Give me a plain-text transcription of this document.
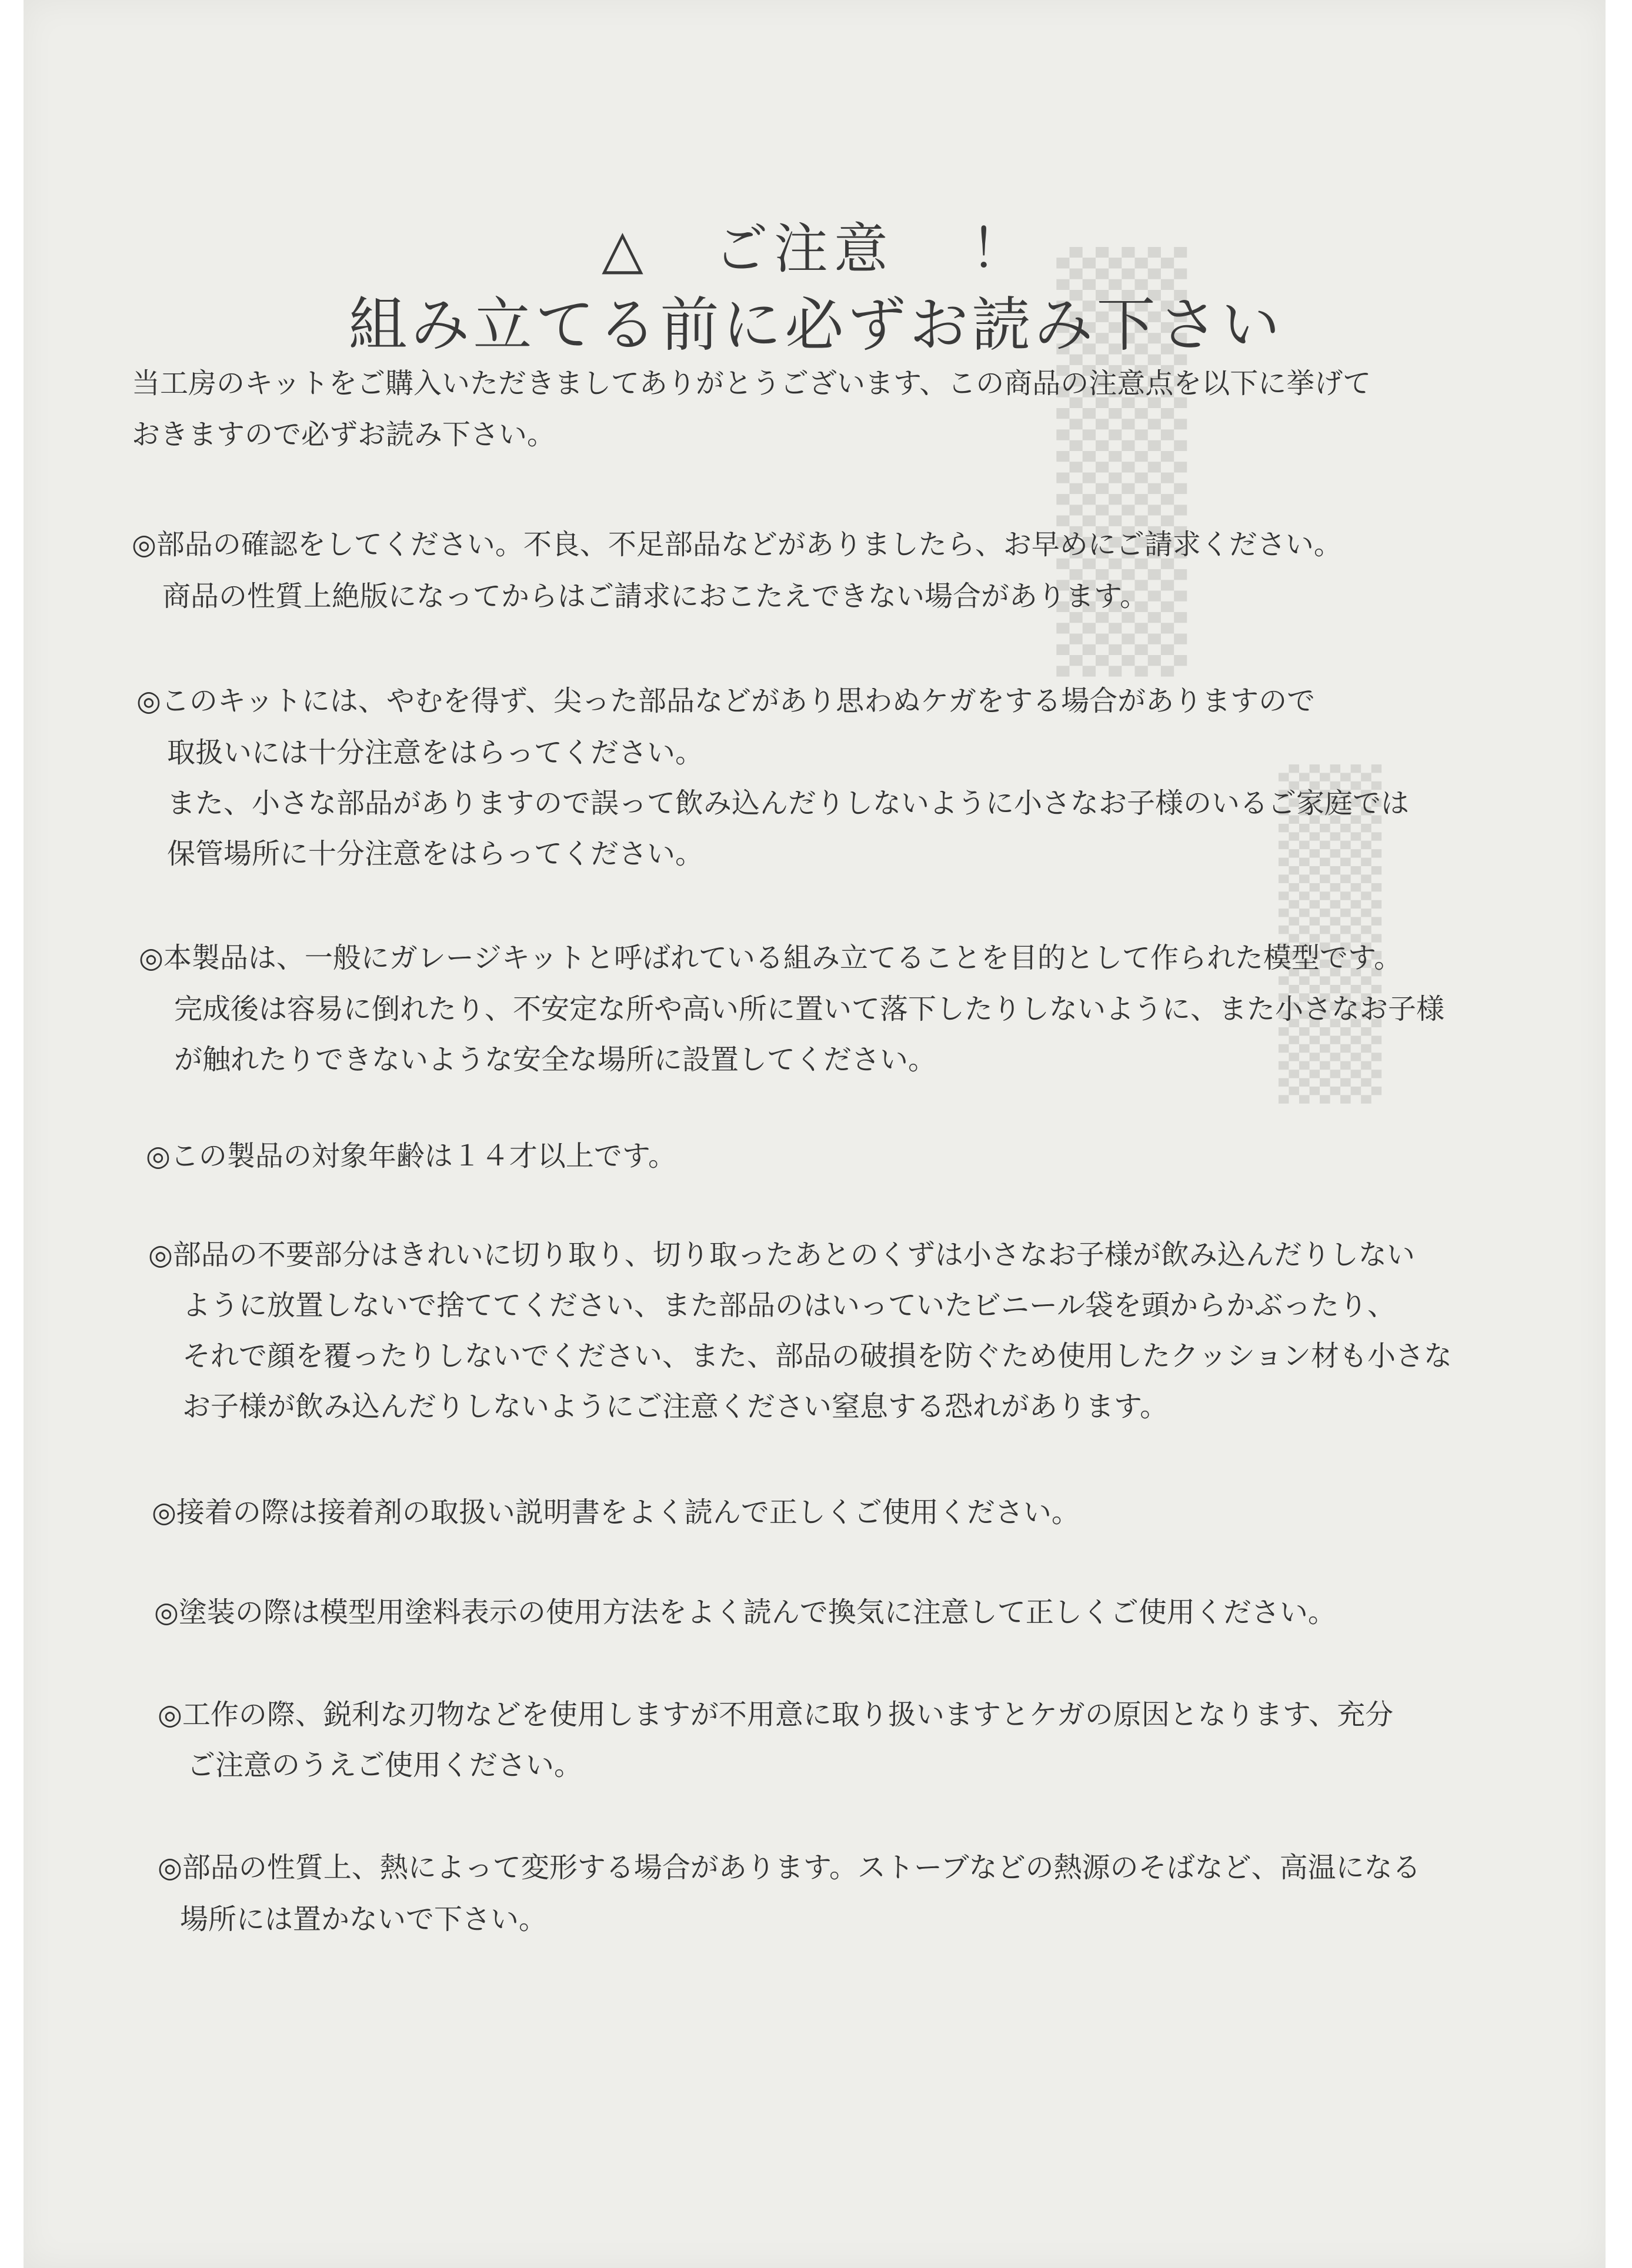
▒▒▒▒▒
▒▒▒▒▒
△ ご注意 ！
組み立てる前に必ずお読み下さい

当工房のキットをご購入いただきましてありがとうございます、この商品の注意点を以下に挙げて

おきますので必ずお読み下さい。

◎部品の確認をしてください。不良、不足部品などがありましたら、お早めにご請求ください。

商品の性質上絶版になってからはご請求におこたえできない場合があります。

◎このキットには、やむを得ず、尖った部品などがあり思わぬケガをする場合がありますので

取扱いには十分注意をはらってください。

また、小さな部品がありますので誤って飲み込んだりしないように小さなお子様のいるご家庭では

保管場所に十分注意をはらってください。

◎本製品は、一般にガレージキットと呼ばれている組み立てることを目的として作られた模型です。

完成後は容易に倒れたり、不安定な所や高い所に置いて落下したりしないように、また小さなお子様

が触れたりできないような安全な場所に設置してください。

◎この製品の対象年齢は１４才以上です。

◎部品の不要部分はきれいに切り取り、切り取ったあとのくずは小さなお子様が飲み込んだりしない

ように放置しないで捨ててください、また部品のはいっていたビニール袋を頭からかぶったり、

それで顔を覆ったりしないでください、また、部品の破損を防ぐため使用したクッション材も小さな

お子様が飲み込んだりしないようにご注意ください窒息する恐れがあります。

◎接着の際は接着剤の取扱い説明書をよく読んで正しくご使用ください。

◎塗装の際は模型用塗料表示の使用方法をよく読んで換気に注意して正しくご使用ください。

◎工作の際、鋭利な刃物などを使用しますが不用意に取り扱いますとケガの原因となります、充分

ご注意のうえご使用ください。

◎部品の性質上、熱によって変形する場合があります。ストーブなどの熱源のそばなど、高温になる

場所には置かないで下さい。
